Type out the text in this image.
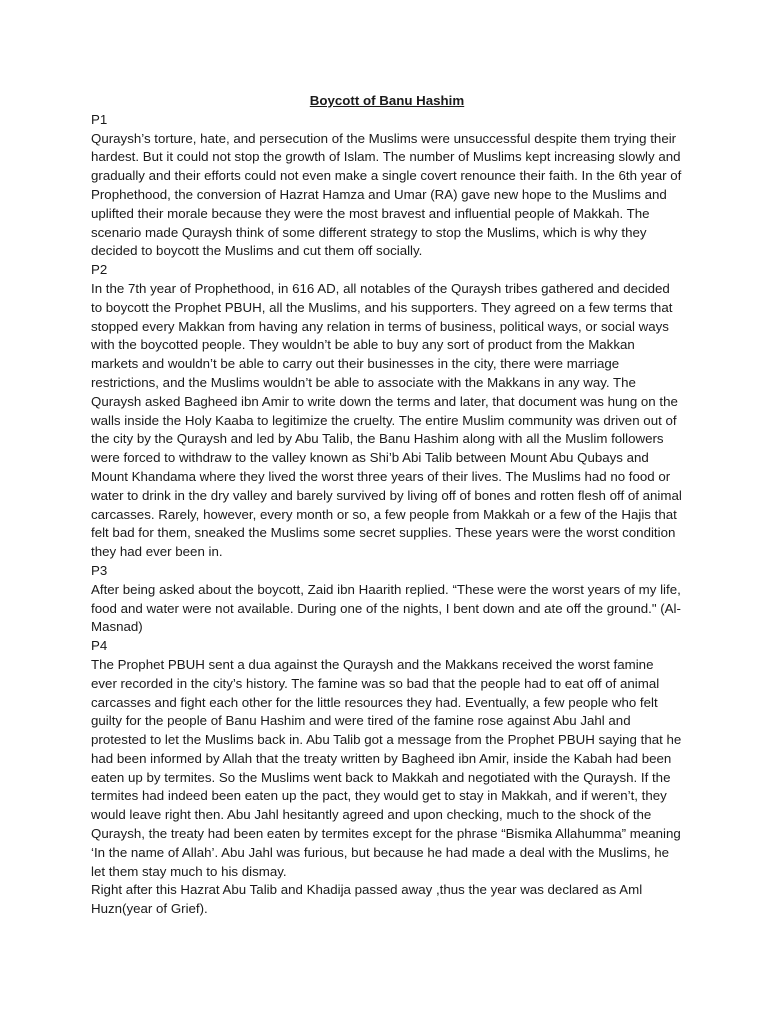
Boycott of Banu Hashim

P1

Quraysh’s torture, hate, and persecution of the Muslims were unsuccessful despite them trying their hardest. But it could not stop the growth of Islam. The number of Muslims kept increasing slowly and gradually and their efforts could not even make a single covert renounce their faith. In the 6th year of Prophethood, the conversion of Hazrat Hamza and Umar (RA) gave new hope to the Muslims and uplifted their morale because they were the most bravest and influential people of Makkah. The scenario made Quraysh think of some different strategy to stop the Muslims, which is why they decided to boycott the Muslims and cut them off socially.

P2

In the 7th year of Prophethood, in 616 AD, all notables of the Quraysh tribes gathered and decided to boycott the Prophet PBUH, all the Muslims, and his supporters. They agreed on a few terms that stopped every Makkan from having any relation in terms of business, political ways, or social ways with the boycotted people. They wouldn’t be able to buy any sort of product from the Makkan markets and wouldn’t be able to carry out their businesses in the city, there were marriage restrictions, and the Muslims wouldn’t be able to associate with the Makkans in any way. The Quraysh asked Bagheed ibn Amir to write down the terms and later, that document was hung on the walls inside the Holy Kaaba to legitimize the cruelty. The entire Muslim community was driven out of the city by the Quraysh and led by Abu Talib, the Banu Hashim along with all the Muslim followers were forced to withdraw to the valley known as Shi’b Abi Talib between Mount Abu Qubays and Mount Khandama where they lived the worst three years of their lives. The Muslims had no food or water to drink in the dry valley and barely survived by living off of bones and rotten flesh off of animal carcasses. Rarely, however, every month or so, a few people from Makkah or a few of the Hajis that felt bad for them, sneaked the Muslims some secret supplies. These years were the worst condition they had ever been in.

P3

After being asked about the boycott, Zaid ibn Haarith replied. “These were the worst years of my life, food and water were not available. During one of the nights, I bent down and ate off the ground." (Al- Masnad)

P4

The Prophet PBUH sent a dua against the Quraysh and the Makkans received the worst famine ever recorded in the city’s history. The famine was so bad that the people had to eat off of animal carcasses and fight each other for the little resources they had. Eventually, a few people who felt guilty for the people of Banu Hashim and were tired of the famine rose against Abu Jahl and protested to let the Muslims back in. Abu Talib got a message from the Prophet PBUH saying that he had been informed by Allah that the treaty written by Bagheed ibn Amir, inside the Kabah had been eaten up by termites. So the Muslims went back to Makkah and negotiated with the Quraysh. If the termites had indeed been eaten up the pact, they would get to stay in Makkah, and if weren’t, they would leave right then. Abu Jahl hesitantly agreed and upon checking, much to the shock of the Quraysh, the treaty had been eaten by termites except for the phrase “Bismika Allahumma” meaning ‘In the name of Allah’. Abu Jahl was furious, but because he had made a deal with the Muslims, he let them stay much to his dismay.

Right after this Hazrat Abu Talib and Khadija passed away ,thus the year was declared as Aml Huzn(year of Grief).
